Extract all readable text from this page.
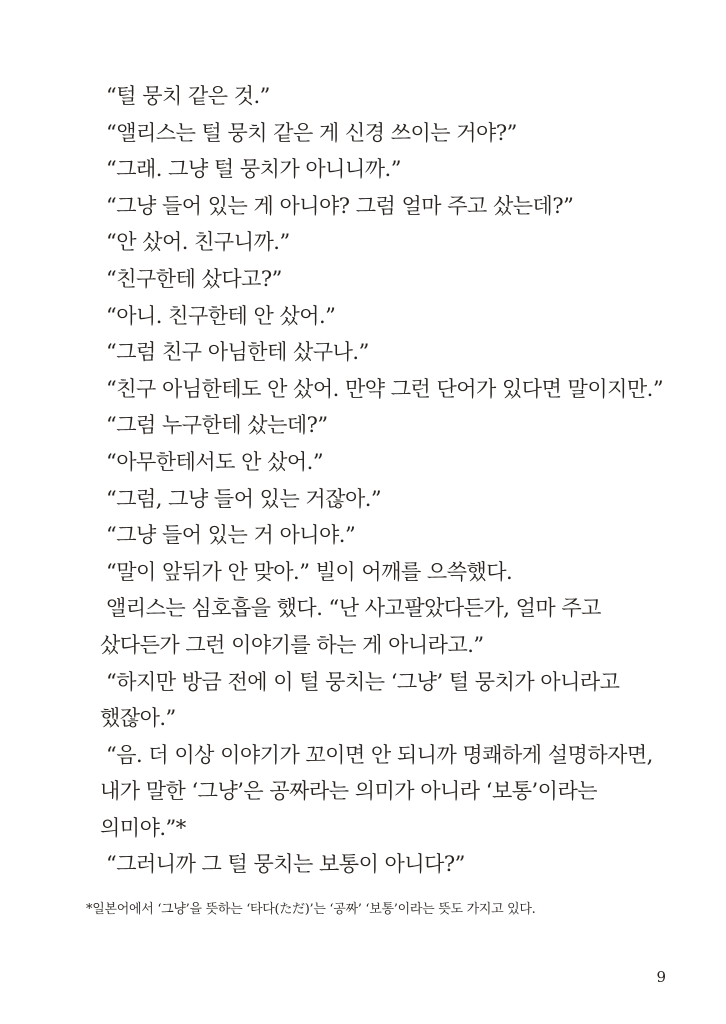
“털 뭉치 같은 것.”

“앨리스는 털 뭉치 같은 게 신경 쓰이는 거야?”

“그래. 그냥 털 뭉치가 아니니까.”

“그냥 들어 있는 게 아니야? 그럼 얼마 주고 샀는데?”

“안 샀어. 친구니까.”

“친구한테 샀다고?”

“아니. 친구한테 안 샀어.”

“그럼 친구 아님한테 샀구나.”

“친구 아님한테도 안 샀어. 만약 그런 단어가 있다면 말이지만.”

“그럼 누구한테 샀는데?”

“아무한테서도 안 샀어.”

“그럼, 그냥 들어 있는 거잖아.”

“그냥 들어 있는 거 아니야.”

“말이 앞뒤가 안 맞아.” 빌이 어깨를 으쓱했다.

앨리스는 심호흡을 했다. “난 사고팔았다든가, 얼마 주고 샀다든가 그런 이야기를 하는 게 아니라고.”

“하지만 방금 전에 이 털 뭉치는 ‘그냥’ 털 뭉치가 아니라고 했잖아.”

“음. 더 이상 이야기가 꼬이면 안 되니까 명쾌하게 설명하자면, 내가 말한 ‘그냥’은 공짜라는 의미가 아니라 ‘보통’이라는 의미야.”*

“그러니까 그 털 뭉치는 보통이 아니다?”

*일본어에서 ‘그냥’을 뜻하는 ‘타다(ただ)’는 ‘공짜’ ‘보통’이라는 뜻도 가지고 있다.
9
